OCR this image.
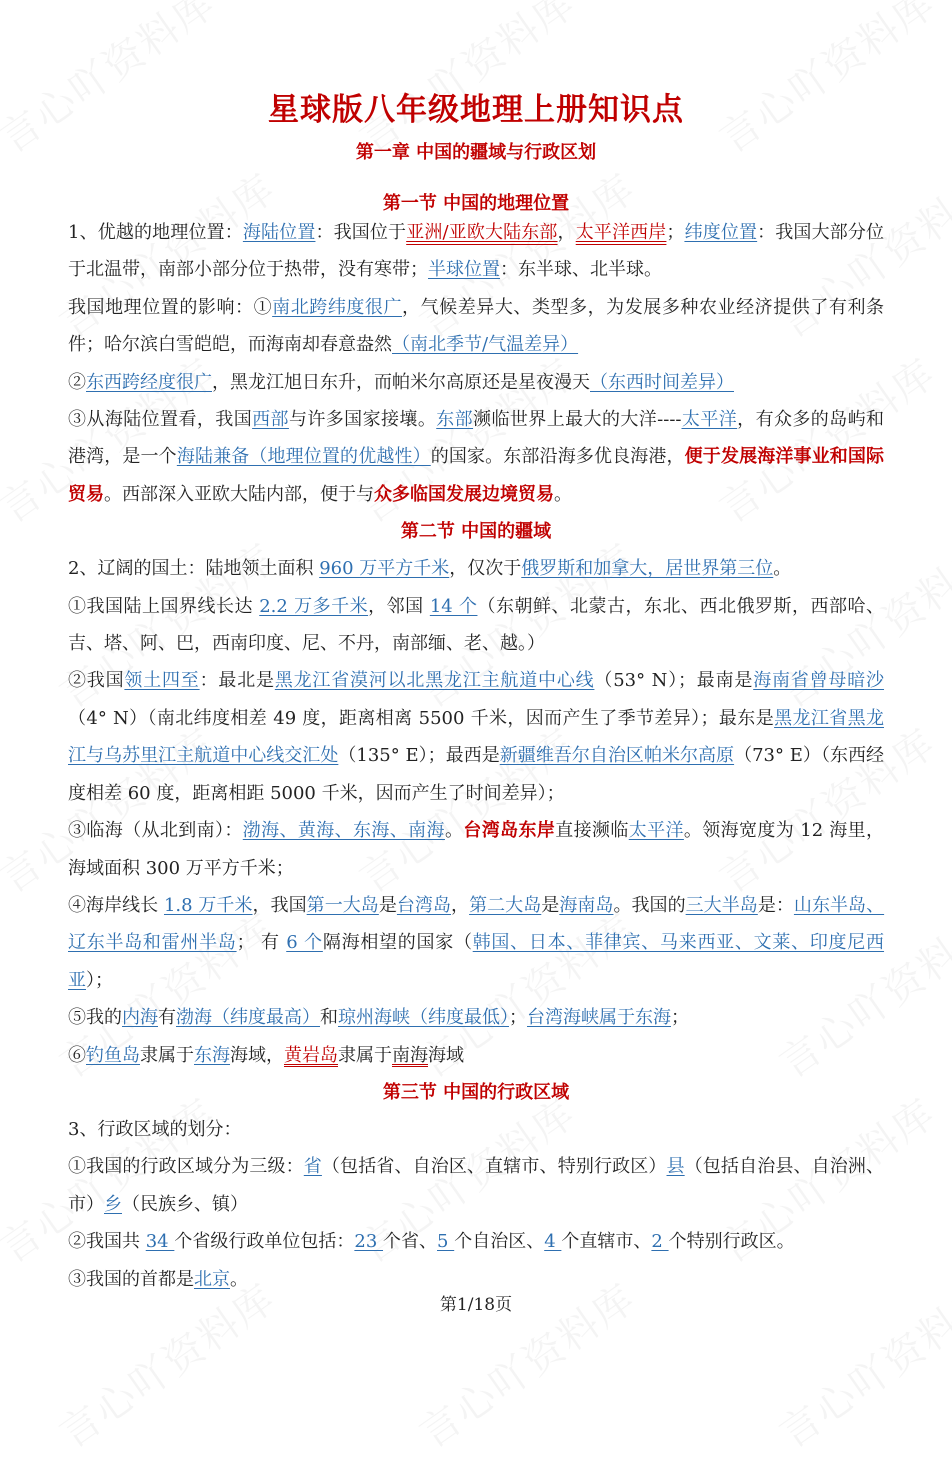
星球版八年级地理上册知识点
第一章 中国的疆域与行政区划
第一节 中国的地理位置

1、优越的地理位置：海陆位置：我国位于亚洲/亚欧大陆东部，太平洋西岸；纬度位置：我国大部分位于北温带，南部小部分位于热带，没有寒带；半球位置：东半球、北半球。

我国地理位置的影响：①南北跨纬度很广，气候差异大、类型多，为发展多种农业经济提供了有利条件；哈尔滨白雪皑皑，而海南却春意盎然（南北季节/气温差异）

②东西跨经度很广，黑龙江旭日东升，而帕米尔高原还是星夜漫天（东西时间差异）

③从海陆位置看，我国西部与许多国家接壤。东部濒临世界上最大的大洋----太平洋，有众多的岛屿和港湾，是一个海陆兼备（地理位置的优越性）的国家。东部沿海多优良海港，便于发展海洋事业和国际贸易。西部深入亚欧大陆内部，便于与众多临国发展边境贸易。

第二节 中国的疆域

2、辽阔的国土：陆地领土面积 960 万平方千米，仅次于俄罗斯和加拿大，居世界第三位。

①我国陆上国界线长达 2.2 万多千米，邻国 14 个（东朝鲜、北蒙古，东北、西北俄罗斯，西部哈、吉、塔、阿、巴，西南印度、尼、不丹，南部缅、老、越。）

②我国领土四至：最北是黑龙江省漠河以北黑龙江主航道中心线（53° N）；最南是海南省曾母暗沙（4° N）（南北纬度相差 49 度，距离相离 5500 千米，因而产生了季节差异）；最东是黑龙江省黑龙江与乌苏里江主航道中心线交汇处（135° E）；最西是新疆维吾尔自治区帕米尔高原（73° E）（东西经度相差 60 度，距离相距 5000 千米，因而产生了时间差异）；

③临海（从北到南）：渤海、黄海、东海、南海。台湾岛东岸直接濒临太平洋。领海宽度为 12 海里，海域面积 300 万平方千米；

④海岸线长 1.8 万千米，我国第一大岛是台湾岛，第二大岛是海南岛。我国的三大半岛是：山东半岛、辽东半岛和雷州半岛； 有 6 个隔海相望的国家（韩国、日本、菲律宾、马来西亚、文莱、印度尼西亚）；

⑤我的内海有渤海（纬度最高）和琼州海峡（纬度最低）；台湾海峡属于东海；

⑥钓鱼岛隶属于东海海域，黄岩岛隶属于南海海域

第三节 中国的行政区域

3、行政区域的划分：

①我国的行政区域分为三级：省（包括省、自治区、直辖市、特别行政区）县（包括自治县、自治洲、市）乡（民族乡、镇）

②我国共 34 个省级行政单位包括：23 个省、5 个自治区、4 个直辖市、2 个特别行政区。

③我国的首都是北京。

第1/18页
